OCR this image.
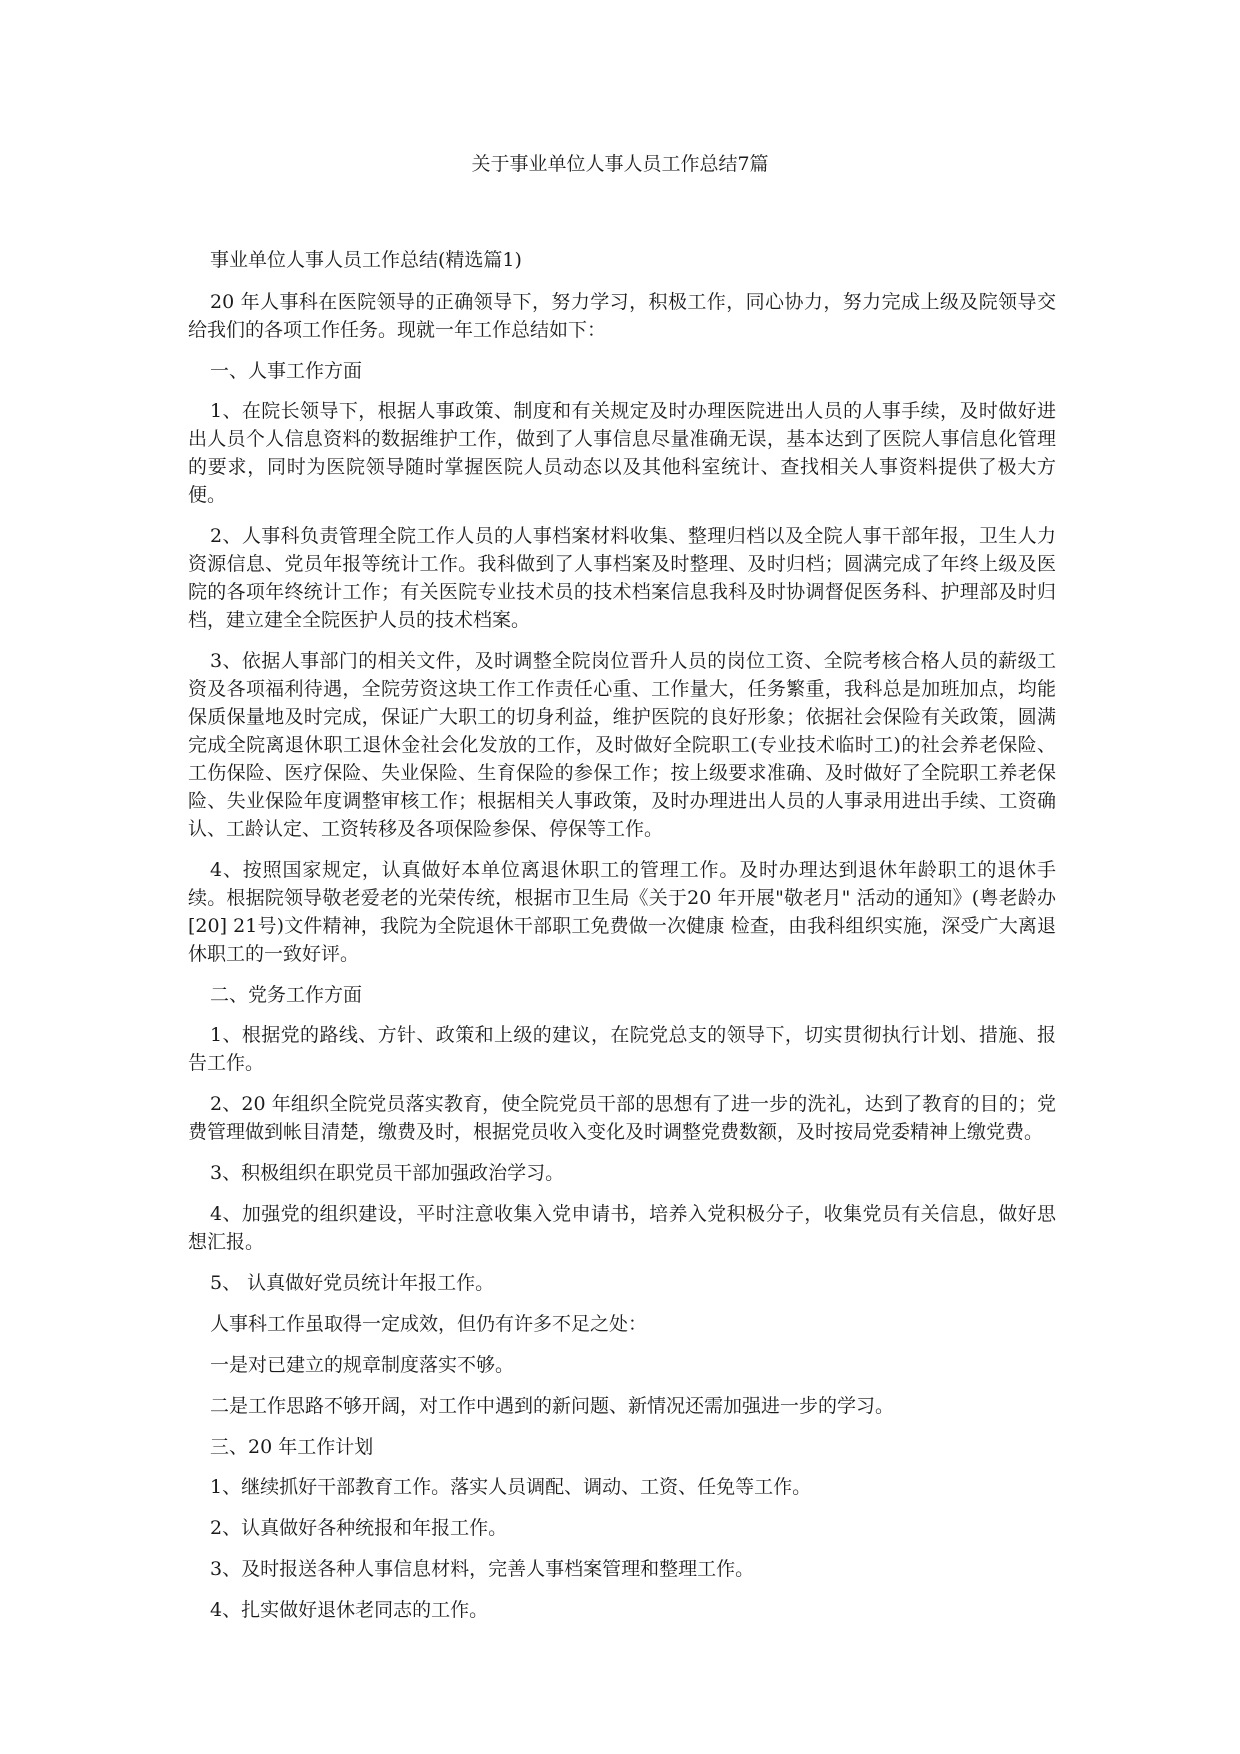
关于事业单位人事人员工作总结7篇

事业单位人事人员工作总结(精选篇1)

20 年人事科在医院领导的正确领导下，努力学习，积极工作，同心协力，努力完成上级及院领导交给我们的各项工作任务。现就一年工作总结如下：

一、人事工作方面

1、在院长领导下，根据人事政策、制度和有关规定及时办理医院进出人员的人事手续，及时做好进出人员个人信息资料的数据维护工作，做到了人事信息尽量准确无误，基本达到了医院人事信息化管理的要求，同时为医院领导随时掌握医院人员动态以及其他科室统计、查找相关人事资料提供了极大方便。

2、人事科负责管理全院工作人员的人事档案材料收集、整理归档以及全院人事干部年报，卫生人力资源信息、党员年报等统计工作。我科做到了人事档案及时整理、及时归档；圆满完成了年终上级及医院的各项年终统计工作；有关医院专业技术员的技术档案信息我科及时协调督促医务科、护理部及时归档，建立建全全院医护人员的技术档案。

3、依据人事部门的相关文件，及时调整全院岗位晋升人员的岗位工资、全院考核合格人员的薪级工资及各项福利待遇，全院劳资这块工作工作责任心重、工作量大，任务繁重，我科总是加班加点，均能保质保量地及时完成，保证广大职工的切身利益，维护医院的良好形象；依据社会保险有关政策，圆满完成全院离退休职工退休金社会化发放的工作，及时做好全院职工(专业技术临时工)的社会养老保险、工伤保险、医疗保险、失业保险、生育保险的参保工作；按上级要求准确、及时做好了全院职工养老保险、失业保险年度调整审核工作；根据相关人事政策，及时办理进出人员的人事录用进出手续、工资确认、工龄认定、工资转移及各项保险参保、停保等工作。

4、按照国家规定，认真做好本单位离退休职工的管理工作。及时办理达到退休年龄职工的退休手续。根据院领导敬老爱老的光荣传统，根据市卫生局《关于20 年开展"敬老月" 活动的通知》(粤老龄办[20] 21号)文件精神，我院为全院退休干部职工免费做一次健康 检查，由我科组织实施，深受广大离退休职工的一致好评。

二、党务工作方面

1、根据党的路线、方针、政策和上级的建议，在院党总支的领导下，切实贯彻执行计划、措施、报告工作。

2、20 年组织全院党员落实教育，使全院党员干部的思想有了进一步的洗礼，达到了教育的目的；党费管理做到帐目清楚，缴费及时，根据党员收入变化及时调整党费数额，及时按局党委精神上缴党费。

3、积极组织在职党员干部加强政治学习。

4、加强党的组织建设，平时注意收集入党申请书，培养入党积极分子，收集党员有关信息，做好思想汇报。

5、 认真做好党员统计年报工作。

人事科工作虽取得一定成效，但仍有许多不足之处：

一是对已建立的规章制度落实不够。

二是工作思路不够开阔，对工作中遇到的新问题、新情况还需加强进一步的学习。

三、20 年工作计划

1、继续抓好干部教育工作。落实人员调配、调动、工资、任免等工作。

2、认真做好各种统报和年报工作。

3、及时报送各种人事信息材料，完善人事档案管理和整理工作。

4、扎实做好退休老同志的工作。
